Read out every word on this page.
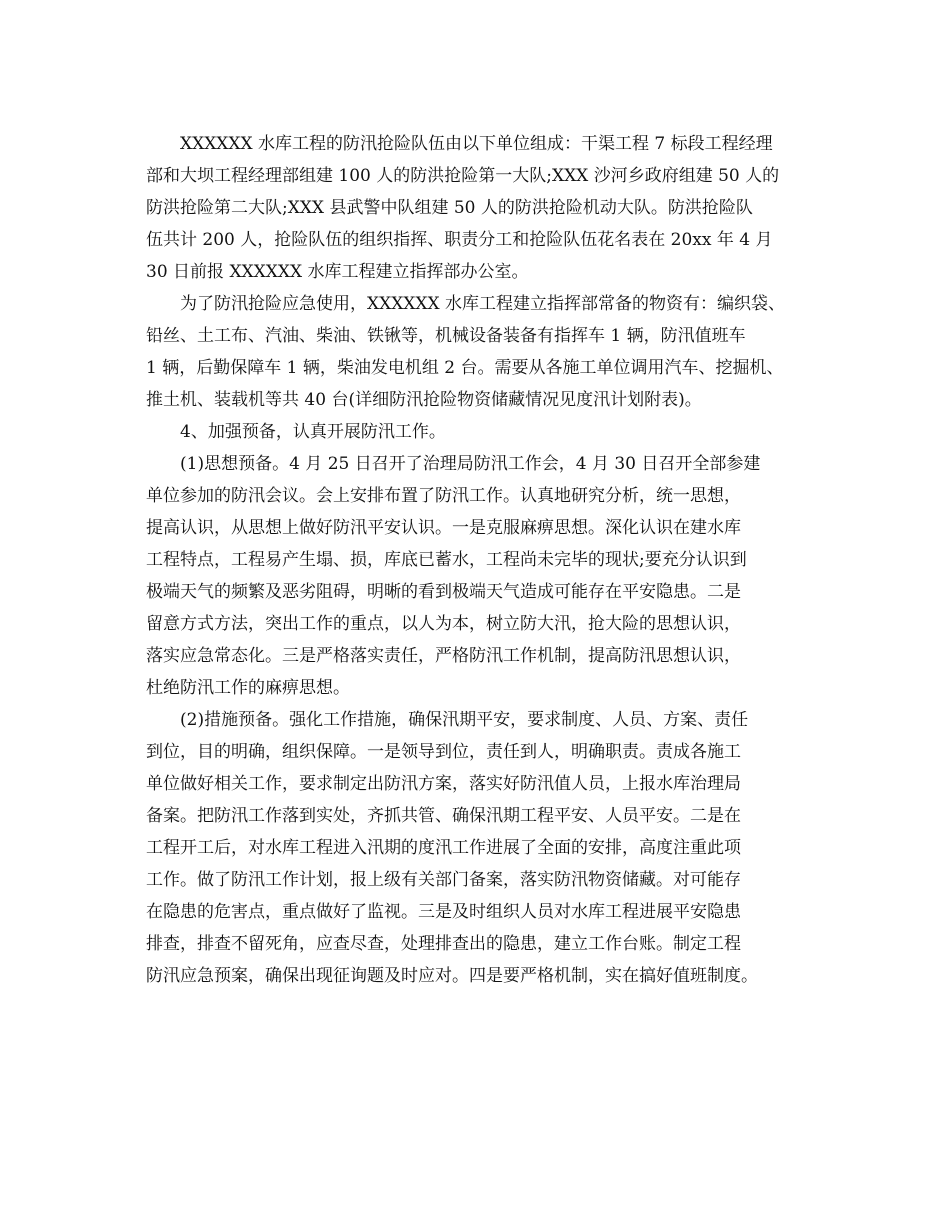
XXXXXX 水库工程的防汛抢险队伍由以下单位组成：干渠工程 7 标段工程经理
部和大坝工程经理部组建 100 人的防洪抢险第一大队;XXX 沙河乡政府组建 50 人的
防洪抢险第二大队;XXX 县武警中队组建 50 人的防洪抢险机动大队。防洪抢险队
伍共计 200 人，抢险队伍的组织指挥、职责分工和抢险队伍花名表在 20xx 年 4 月
30 日前报 XXXXXX 水库工程建立指挥部办公室。
为了防汛抢险应急使用，XXXXXX 水库工程建立指挥部常备的物资有：编织袋、
铅丝、土工布、汽油、柴油、铁锹等，机械设备装备有指挥车 1 辆，防汛值班车
1 辆，后勤保障车 1 辆，柴油发电机组 2 台。需要从各施工单位调用汽车、挖掘机、
推土机、装载机等共 40 台(详细防汛抢险物资储藏情况见度汛计划附表)。
4、加强预备，认真开展防汛工作。
(1)思想预备。4 月 25 日召开了治理局防汛工作会，4 月 30 日召开全部参建
单位参加的防汛会议。会上安排布置了防汛工作。认真地研究分析，统一思想，
提高认识，从思想上做好防汛平安认识。一是克服麻痹思想。深化认识在建水库
工程特点，工程易产生塌、损，库底已蓄水，工程尚未完毕的现状;要充分认识到
极端天气的频繁及恶劣阻碍，明晰的看到极端天气造成可能存在平安隐患。二是
留意方式方法，突出工作的重点，以人为本，树立防大汛，抢大险的思想认识，
落实应急常态化。三是严格落实责任，严格防汛工作机制，提高防汛思想认识，
杜绝防汛工作的麻痹思想。
(2)措施预备。强化工作措施，确保汛期平安，要求制度、人员、方案、责任
到位，目的明确，组织保障。一是领导到位，责任到人，明确职责。责成各施工
单位做好相关工作，要求制定出防汛方案，落实好防汛值人员，上报水库治理局
备案。把防汛工作落到实处，齐抓共管、确保汛期工程平安、人员平安。二是在
工程开工后，对水库工程进入汛期的度汛工作进展了全面的安排，高度注重此项
工作。做了防汛工作计划，报上级有关部门备案，落实防汛物资储藏。对可能存
在隐患的危害点，重点做好了监视。三是及时组织人员对水库工程进展平安隐患
排查，排查不留死角，应查尽查，处理排查出的隐患，建立工作台账。制定工程
防汛应急预案，确保出现征询题及时应对。四是要严格机制，实在搞好值班制度。
